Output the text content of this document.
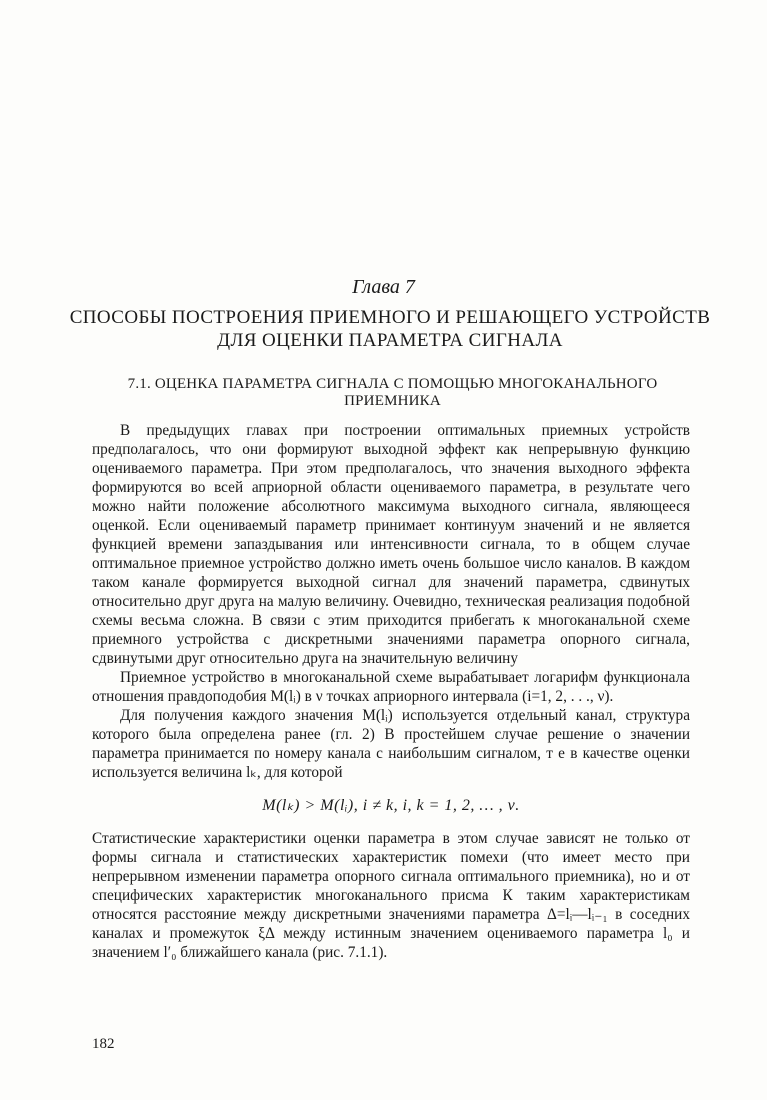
Глава 7
СПОСОБЫ ПОСТРОЕНИЯ ПРИЕМНОГО И РЕШАЮЩЕГО УСТРОЙСТВ ДЛЯ ОЦЕНКИ ПАРАМЕТРА СИГНАЛА
7.1. ОЦЕНКА ПАРАМЕТРА СИГНАЛА С ПОМОЩЬЮ МНОГОКАНАЛЬНОГО ПРИЕМНИКА

В предыдущих главах при построении оптимальных приемных устройств предполагалось, что они формируют выходной эффект как непрерывную функцию оцениваемого параметра. При этом предполагалось, что значения выходного эффекта формируются во всей априорной области оцениваемого параметра, в результате чего можно найти положение абсолютного максимума выходного сигнала, являющееся оценкой. Если оцениваемый параметр принимает континуум значений и не является функцией времени запаздывания или интенсивности сигнала, то в общем случае оптимальное приемное устройство должно иметь очень большое число каналов. В каждом таком канале формируется выходной сигнал для значений параметра, сдвинутых относительно друг друга на малую величину. Очевидно, техническая реализация подобной схемы весьма сложна. В связи с этим приходится прибегать к многоканальной схеме приемного устройства с дискретными значениями параметра опорного сигнала, сдвинутыми друг относительно друга на значительную величину

Приемное устройство в многоканальной схеме вырабатывает логарифм функционала отношения правдоподобия M(lᵢ) в ν точках априорного интервала (i=1, 2, . . ., ν).

Для получения каждого значения M(lᵢ) используется отдельный канал, структура которого была определена ранее (гл. 2) В простейшем случае решение о значении параметра принимается по номеру канала с наибольшим сигналом, т е в качестве оценки используется величина lₖ, для которой

M(lₖ) > M(lᵢ), i ≠ k, i, k = 1, 2, … , ν.

Статистические характеристики оценки параметра в этом случае зависят не только от формы сигнала и статистических характеристик помехи (что имеет место при непрерывном изменении параметра опорного сигнала оптимального приемника), но и от специфических характеристик многоканального присма К таким характеристикам относятся расстояние между дискретными значениями параметра Δ=lᵢ—lᵢ₋₁ в соседних каналах и промежуток ξΔ между истинным значением оцениваемого параметра l₀ и значением l′₀ ближайшего канала (рис. 7.1.1).

182
